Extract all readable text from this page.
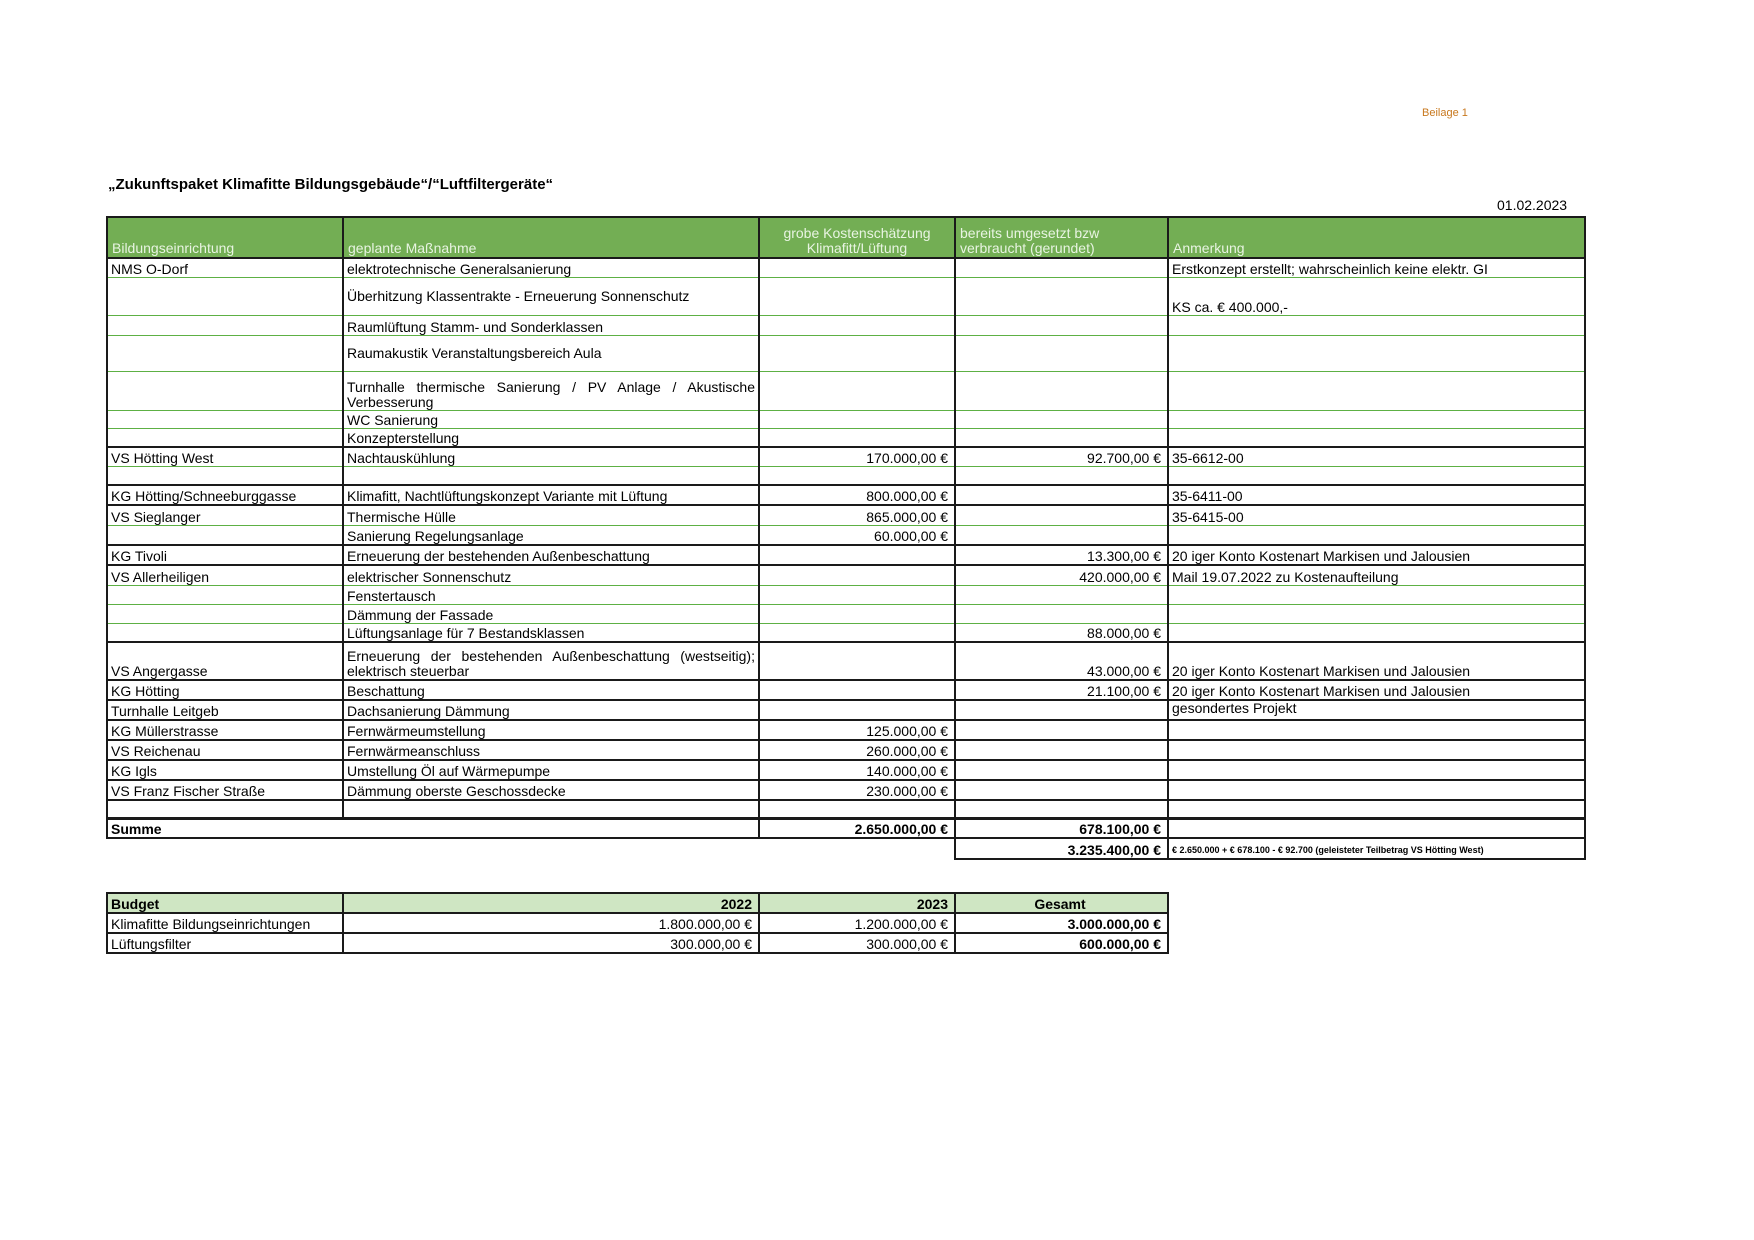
Beilage 1
„Zukunftspaket Klimafitte Bildungsgebäude“/“Luftfiltergeräte“
01.02.2023
Bildungseinrichtung	geplante Maßnahme	grobe Kostenschätzung Klimafitt/Lüftung	bereits umgesetzt bzw verbraucht (gerundet)	Anmerkung
NMS O-Dorf	elektrotechnische Generalsanierung			Erstkonzept erstellt; wahrscheinlich keine elektr. GI
	Überhitzung Klassentrakte - Erneuerung Sonnenschutz			KS ca. € 400.000,-
	Raumlüftung Stamm- und Sonderklassen			
	Raumakustik Veranstaltungsbereich Aula			
	Turnhalle thermische Sanierung / PV Anlage / Akustische Verbesserung			
	WC Sanierung			
	Konzepterstellung			
VS Hötting West	Nachtauskühlung	170.000,00 €	92.700,00 €	35-6612-00

KG Hötting/Schneeburggasse	Klimafitt, Nachtlüftungskonzept Variante mit Lüftung	800.000,00 €		35-6411-00
VS Sieglanger	Thermische Hülle	865.000,00 €		35-6415-00
	Sanierung Regelungsanlage	60.000,00 €		
KG Tivoli	Erneuerung der bestehenden Außenbeschattung		13.300,00 €	20 iger Konto Kostenart Markisen und Jalousien
VS Allerheiligen	elektrischer Sonnenschutz		420.000,00 €	Mail 19.07.2022 zu Kostenaufteilung
	Fenstertausch			
	Dämmung der Fassade			
	Lüftungsanlage für 7 Bestandsklassen		88.000,00 €	
VS Angergasse	Erneuerung der bestehenden Außenbeschattung (westseitig); elektrisch steuerbar		43.000,00 €	20 iger Konto Kostenart Markisen und Jalousien
KG Hötting	Beschattung		21.100,00 €	20 iger Konto Kostenart Markisen und Jalousien
Turnhalle Leitgeb	Dachsanierung Dämmung			gesondertes Projekt
KG Müllerstrasse	Fernwärmeumstellung	125.000,00 €		
VS Reichenau	Fernwärmeanschluss	260.000,00 €		
KG Igls	Umstellung Öl auf Wärmepumpe	140.000,00 €		
VS Franz Fischer Straße	Dämmung oberste Geschossdecke	230.000,00 €		

Summe		2.650.000,00 €	678.100,00 €	
			3.235.400,00 €	€ 2.650.000 + € 678.100 - € 92.700 (geleisteter Teilbetrag VS Hötting West)
Budget	2022	2023	Gesamt
Klimafitte Bildungseinrichtungen	1.800.000,00 €	1.200.000,00 €	3.000.000,00 €
Lüftungsfilter	300.000,00 €	300.000,00 €	600.000,00 €
